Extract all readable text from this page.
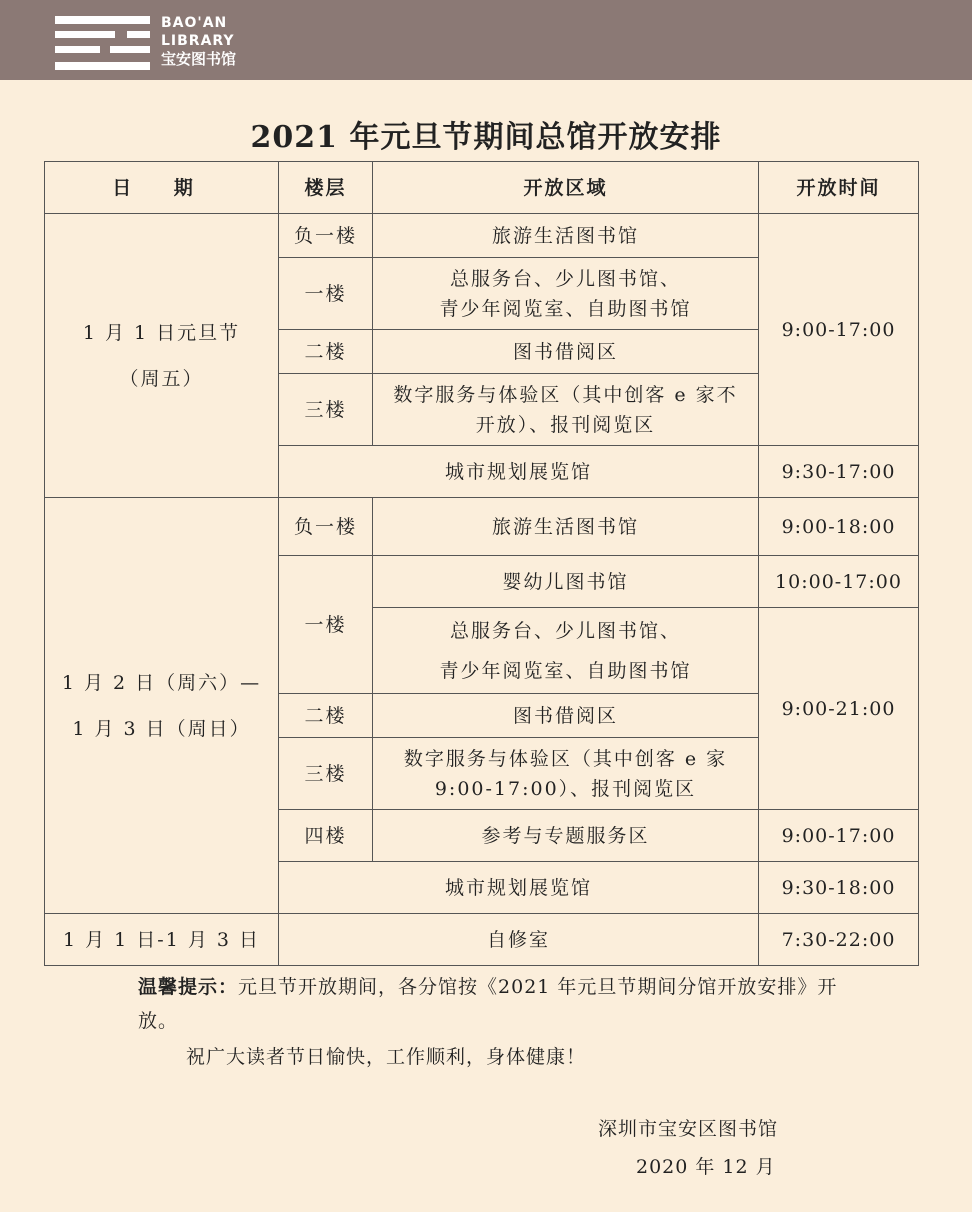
BAO'AN
LIBRARY
宝安图书馆
2021 年元旦节期间总馆开放安排
日 期	楼层	开放区域	开放时间

1 月 1 日元旦节
（周五）	负一楼	旅游生活图书馆	9:00-17:00
	一楼	总服务台、少儿图书馆、
青少年阅览室、自助图书馆	

	二楼	图书借阅区	
	三楼	数字服务与体验区（其中创客 e 家不
开放）、报刊阅览区	

	城市规划展览馆		9:30-17:00

1 月 2 日（周六）—
1 月 3 日（周日）	负一楼	旅游生活图书馆	9:00-18:00
	一楼	婴幼儿图书馆	10:00-17:00

		总服务台、少儿图书馆、
青少年阅览室、自助图书馆	9:00-21:00
	二楼	图书借阅区	
	三楼	数字服务与体验区（其中创客 e 家
9:00-17:00）、报刊阅览区	

	四楼	参考与专题服务区	9:00-17:00
	城市规划展览馆		9:30-18:00
1 月 1 日-1 月 3 日	自修室		7:30-22:00
温馨提示：元旦节开放期间，各分馆按《2021 年元旦节期间分馆开放安排》开放。
祝广大读者节日愉快，工作顺利，身体健康！
深圳市宝安区图书馆
2020 年 12 月
